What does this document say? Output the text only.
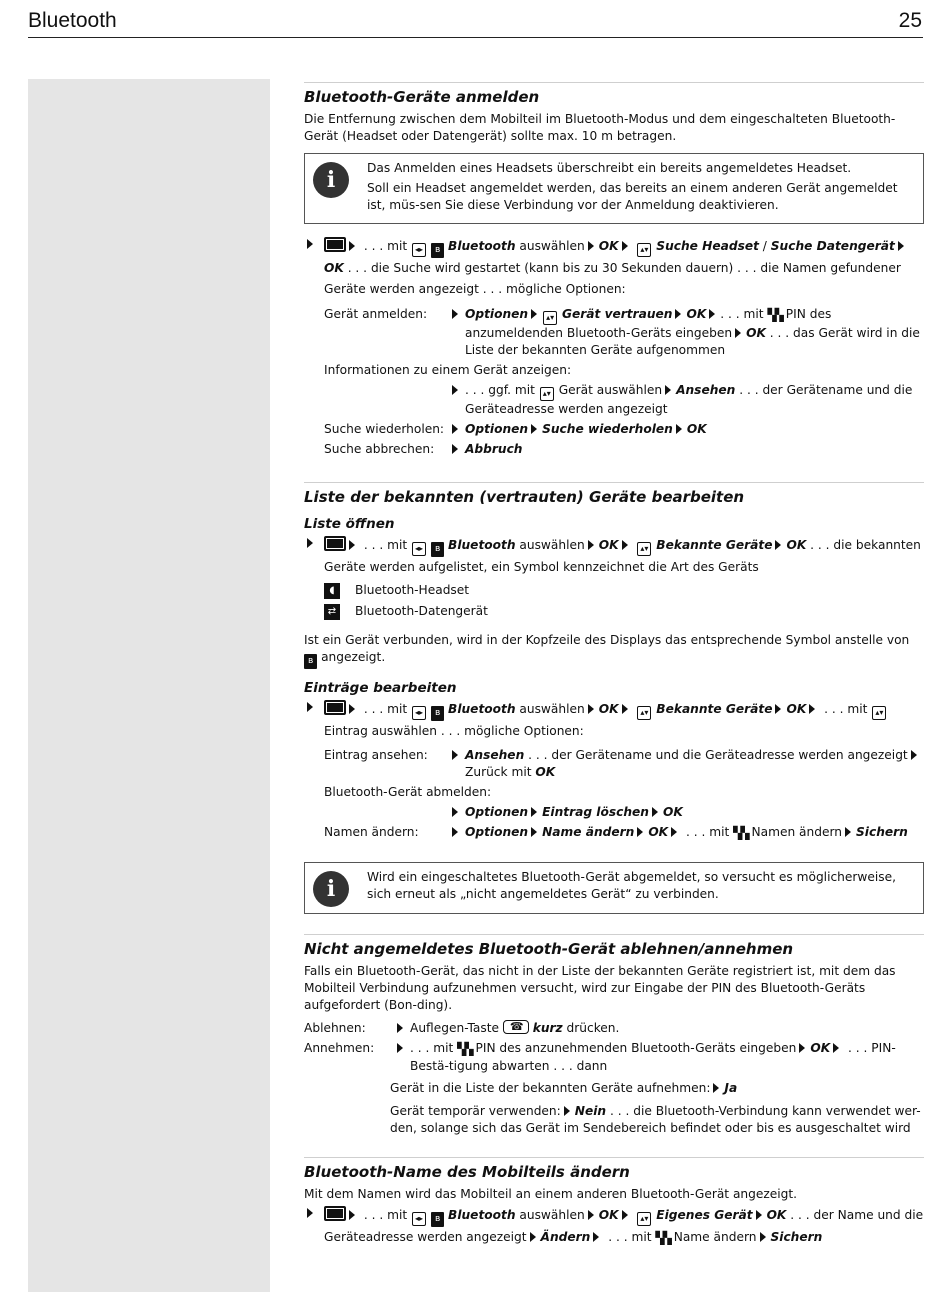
Bluetooth	25
Bluetooth-Geräte anmelden

Die Entfernung zwischen dem Mobilteil im Bluetooth-Modus und dem eingeschalteten Bluetooth-Gerät (Headset oder Datengerät) sollte max. 10 m betragen.

i	Das Anmelden eines Headsets überschreibt ein bereits angemeldetes Headset.

Soll ein Headset angemeldet werden, das bereits an einem anderen Gerät angemeldet ist, müs-sen Sie diese Verbindung vor der Anmeldung deaktivieren.

. . . mit ◂▸ ʙ Bluetooth auswählen OK	▴▾ Suche Headset / Suche DatengerätOK . . . die Suche wird gestartet (kann bis zu 30 Sekunden dauern) . . . die Namen gefundener Geräte werden angezeigt . . . mögliche Optionen:
Gerät anmelden:	Optionen ▴▾ Gerät vertrauen OK . . . mit ▚▚ PIN des anzumeldenden Bluetooth-Geräts eingeben OK . . . das Gerät wird in die Liste der bekannten Geräte aufgenommen
Informationen zu einem Gerät anzeigen:
. . . ggf. mit ▴▾ Gerät auswählen Ansehen . . . der Gerätename und die Geräteadresse werden angezeigt
Suche wiederholen:	Optionen Suche wiederholen OK
Suche abbrechen:	Abbruch
Liste der bekannten (vertrauten) Geräte bearbeiten
Liste öffnen
. . . mit ◂▸ ʙ Bluetooth auswählen OK	▴▾ Bekannte Geräte OK . . . die bekannten Geräte werden aufgelistet, ein Symbol kennzeichnet die Art des Geräts
◖	Bluetooth-Headset
⇄	Bluetooth-Datengerät

Ist ein Gerät verbunden, wird in der Kopfzeile des Displays das entsprechende Symbol anstelle von ʙ angezeigt.

Einträge bearbeiten
. . . mit ◂▸ ʙ Bluetooth auswählen OK	▴▾ Bekannte Geräte OK . . . mit ▴▾ Eintrag auswählen . . . mögliche Optionen:
Eintrag ansehen:	Ansehen . . . der Gerätename und die Geräteadresse werden angezeigt Zurück mit OK
Bluetooth-Gerät abmelden:
Optionen Eintrag löschen OK
Namen ändern:	Optionen Name ändern OK . . . mit ▚▚ Namen ändern Sichern
i	Wird ein eingeschaltetes Bluetooth-Gerät abgemeldet, so versucht es möglicherweise, sich erneut als „nicht angemeldetes Gerät“ zu verbinden.

Nicht angemeldetes Bluetooth-Gerät ablehnen/annehmen

Falls ein Bluetooth-Gerät, das nicht in der Liste der bekannten Geräte registriert ist, mit dem das Mobilteil Verbindung aufzunehmen versucht, wird zur Eingabe der PIN des Bluetooth-Geräts aufgefordert (Bon-ding).

Ablehnen:	Auflegen-Taste ☎	kurz drücken.
Annehmen:	. . . mit ▚▚ PIN des anzunehmenden Bluetooth-Geräts eingeben OK . . . PIN-Bestä-tigung abwarten . . . dann
Gerät in die Liste der bekannten Geräte aufnehmen: Ja
Gerät temporär verwenden: Nein . . . die Bluetooth-Verbindung kann verwendet wer-den, solange sich das Gerät im Sendebereich befindet oder bis es ausgeschaltet wird
Bluetooth-Name des Mobilteils ändern

Mit dem Namen wird das Mobilteil an einem anderen Bluetooth-Gerät angezeigt.

. . . mit ◂▸ ʙ Bluetooth auswählen OK	▴▾ Eigenes Gerät OK . . . der Name und die Geräteadresse werden angezeigt Ändern . . . mit ▚▚ Name ändern Sichern
